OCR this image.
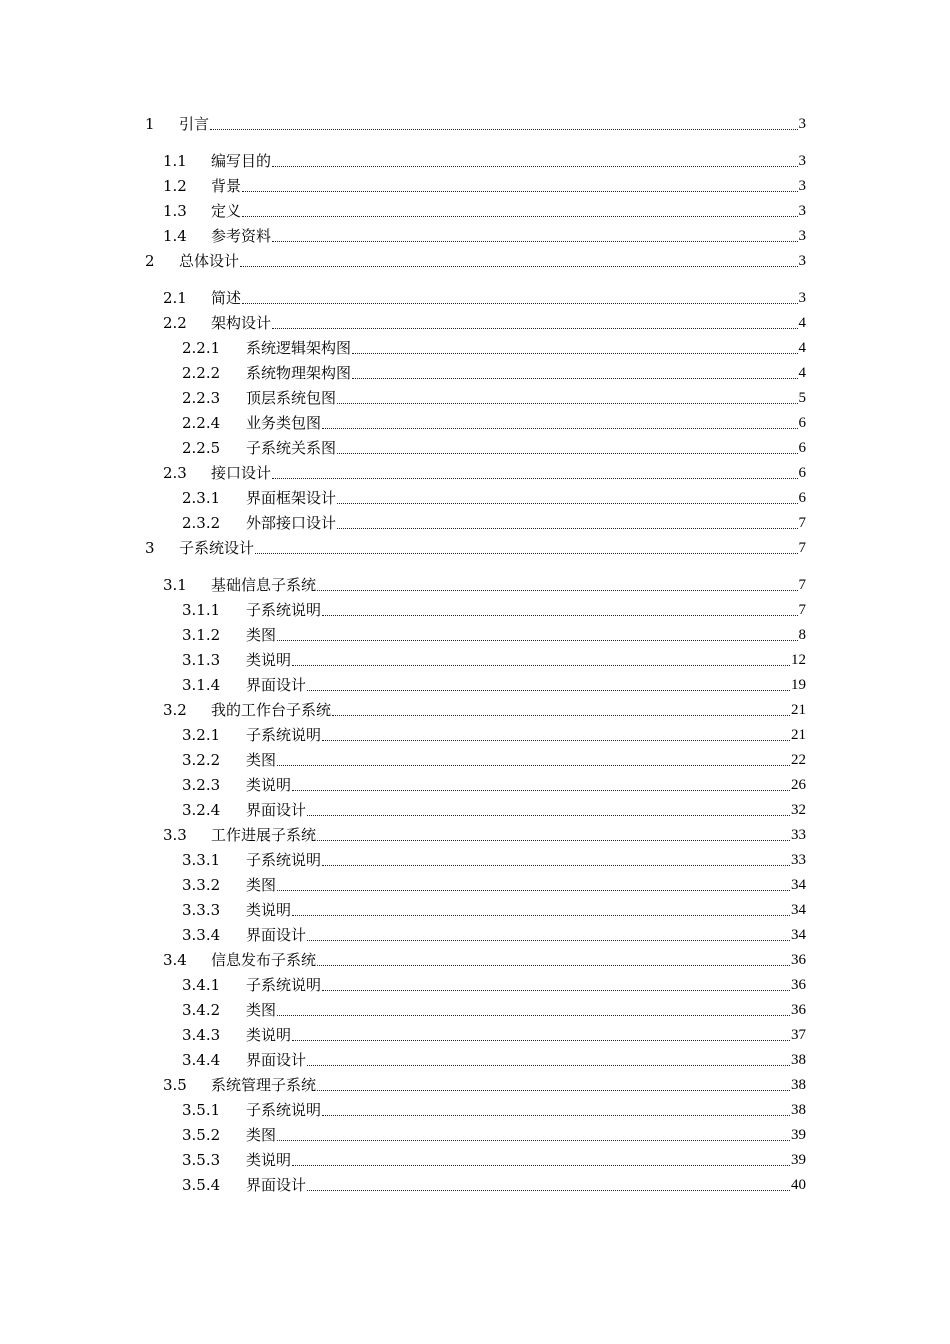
1	引言	3
1.1	编写目的	3
1.2	背景	3
1.3	定义	3
1.4	参考资料	3
2	总体设计	3
2.1	简述	3
2.2	架构设计	4
2.2.1	系统逻辑架构图	4
2.2.2	系统物理架构图	4
2.2.3	顶层系统包图	5
2.2.4	业务类包图	6
2.2.5	子系统关系图	6
2.3	接口设计	6
2.3.1	界面框架设计	6
2.3.2	外部接口设计	7
3	子系统设计	7
3.1	基础信息子系统	7
3.1.1	子系统说明	7
3.1.2	类图	8
3.1.3	类说明	12
3.1.4	界面设计	19
3.2	我的工作台子系统	21
3.2.1	子系统说明	21
3.2.2	类图	22
3.2.3	类说明	26
3.2.4	界面设计	32
3.3	工作进展子系统	33
3.3.1	子系统说明	33
3.3.2	类图	34
3.3.3	类说明	34
3.3.4	界面设计	34
3.4	信息发布子系统	36
3.4.1	子系统说明	36
3.4.2	类图	36
3.4.3	类说明	37
3.4.4	界面设计	38
3.5	系统管理子系统	38
3.5.1	子系统说明	38
3.5.2	类图	39
3.5.3	类说明	39
3.5.4	界面设计	40
